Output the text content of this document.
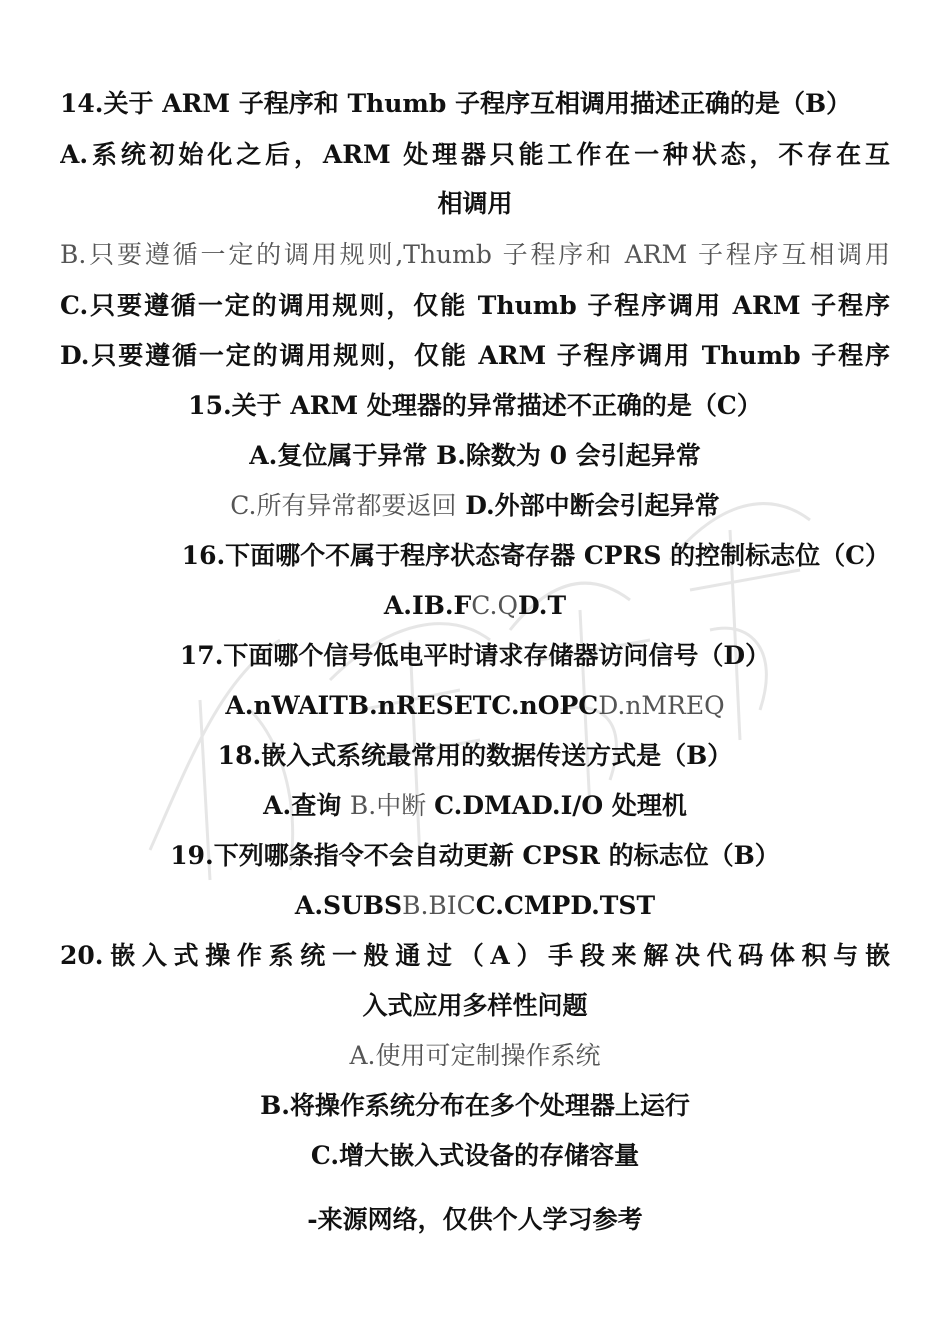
14.关于 ARM 子程序和 Thumb 子程序互相调用描述正确的是（B）
A.系统初始化之后，ARM 处理器只能工作在一种状态，不存在互
相调用
B.只要遵循一定的调用规则,Thumb 子程序和 ARM 子程序互相调用
C.只要遵循一定的调用规则，仅能 Thumb 子程序调用 ARM 子程序
D.只要遵循一定的调用规则，仅能 ARM 子程序调用 Thumb 子程序
15.关于 ARM 处理器的异常描述不正确的是（C）
A.复位属于异常 B.除数为 0 会引起异常
C.所有异常都要返回 D.外部中断会引起异常
16.下面哪个不属于程序状态寄存器 CPRS 的控制标志位（C）
A.IB.FC.QD.T
17.下面哪个信号低电平时请求存储器访问信号（D）
A.nWAITB.nRESETC.nOPCD.nMREQ
18.嵌入式系统最常用的数据传送方式是（B）
A.查询 B.中断 C.DMAD.I/O 处理机
19.下列哪条指令不会自动更新 CPSR 的标志位（B）
A.SUBSB.BICC.CMPD.TST
20.嵌入式操作系统一般通过（A）手段来解决代码体积与嵌
入式应用多样性问题
A.使用可定制操作系统
B.将操作系统分布在多个处理器上运行
C.增大嵌入式设备的存储容量
-来源网络，仅供个人学习参考
